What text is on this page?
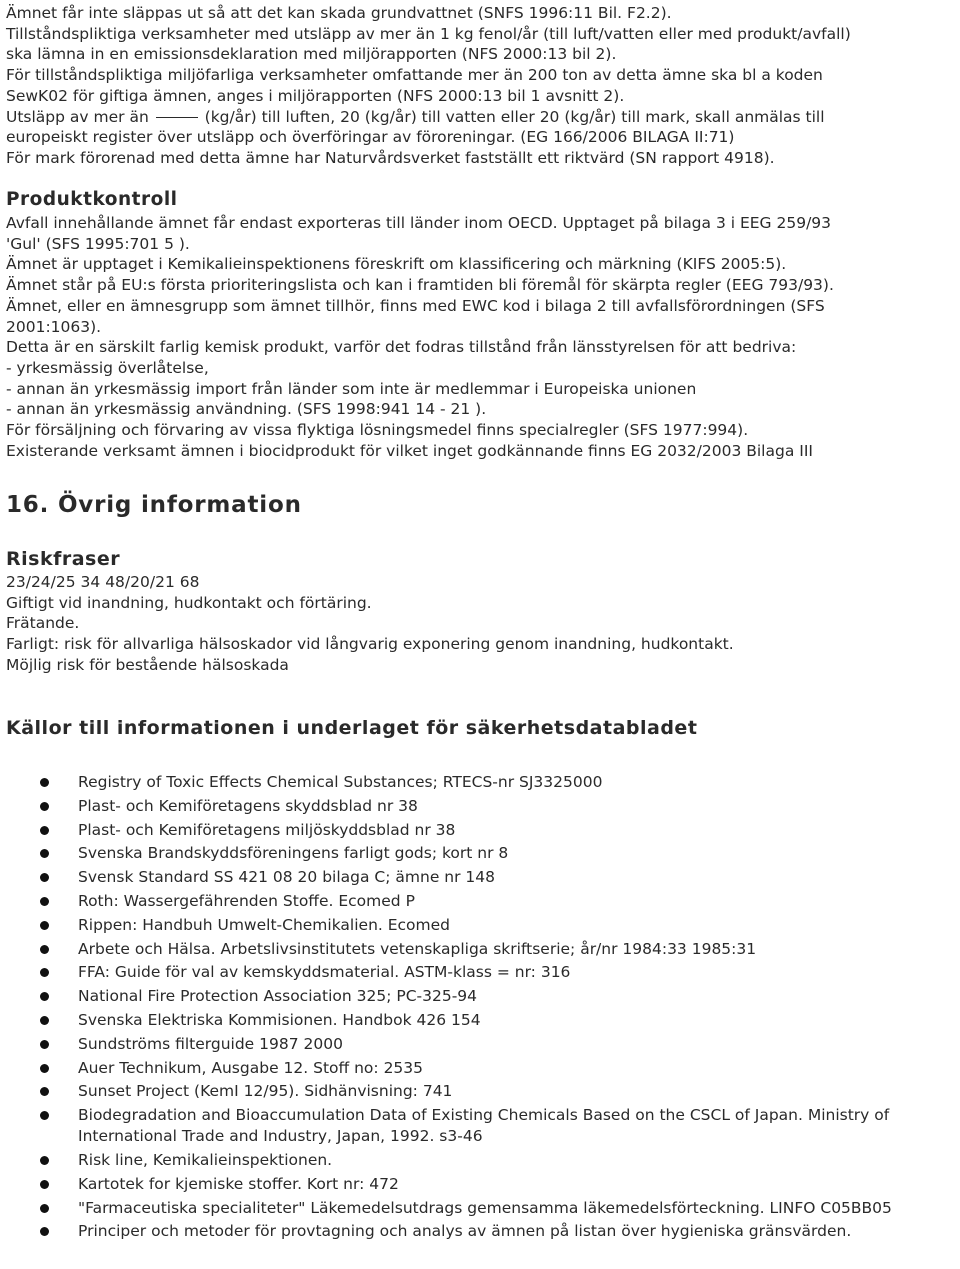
Ämnet får inte släppas ut så att det kan skada grundvattnet (SNFS 1996:11 Bil. F2.2).

Tillståndspliktiga verksamheter med utsläpp av mer än 1 kg fenol/år (till luft/vatten eller med produkt/avfall)

ska lämna in en emissionsdeklaration med miljörapporten (NFS 2000:13 bil 2).

För tillståndspliktiga miljöfarliga verksamheter omfattande mer än 200 ton av detta ämne ska bl a koden

SewK02 för giftiga ämnen, anges i miljörapporten (NFS 2000:13 bil 1 avsnitt 2).

Utsläpp av mer än	(kg/år) till luften, 20 (kg/år) till vatten eller 20 (kg/år) till mark, skall anmälas till

europeiskt register över utsläpp och överföringar av föroreningar. (EG 166/2006 BILAGA II:71)

För mark förorenad med detta ämne har Naturvårdsverket fastställt ett riktvärd (SN rapport 4918).

Produktkontroll

Avfall innehållande ämnet får endast exporteras till länder inom OECD. Upptaget på bilaga 3 i EEG 259/93

'Gul' (SFS 1995:701 5 ).

Ämnet är upptaget i Kemikalieinspektionens föreskrift om klassificering och märkning (KIFS 2005:5).

Ämnet står på EU:s första prioriteringslista och kan i framtiden bli föremål för skärpta regler (EEG 793/93).

Ämnet, eller en ämnesgrupp som ämnet tillhör, finns med EWC kod i bilaga 2 till avfallsförordningen (SFS

2001:1063).

Detta är en särskilt farlig kemisk produkt, varför det fodras tillstånd från länsstyrelsen för att bedriva:

- yrkesmässig överlåtelse,

- annan än yrkesmässig import från länder som inte är medlemmar i Europeiska unionen

- annan än yrkesmässig användning. (SFS 1998:941 14 - 21 ).

För försäljning och förvaring av vissa flyktiga lösningsmedel finns specialregler (SFS 1977:994).

Existerande verksamt ämnen i biocidprodukt för vilket inget godkännande finns EG 2032/2003 Bilaga III

16. Övrig information
Riskfraser

23/24/25 34 48/20/21 68

Giftigt vid inandning, hudkontakt och förtäring.

Frätande.

Farligt: risk för allvarliga hälsoskador vid långvarig exponering genom inandning, hudkontakt.

Möjlig risk för bestående hälsoskada

Källor till informationen i underlaget för säkerhetsdatabladet
Registry of Toxic Effects Chemical Substances; RTECS-nr SJ3325000
Plast- och Kemiföretagens skyddsblad nr 38
Plast- och Kemiföretagens miljöskyddsblad nr 38
Svenska Brandskyddsföreningens farligt gods; kort nr 8
Svensk Standard SS 421 08 20 bilaga C; ämne nr 148
Roth: Wassergefährenden Stoffe. Ecomed P
Rippen: Handbuh Umwelt-Chemikalien. Ecomed
Arbete och Hälsa. Arbetslivsinstitutets vetenskapliga skriftserie; år/nr 1984:33 1985:31
FFA: Guide för val av kemskyddsmaterial. ASTM-klass = nr: 316
National Fire Protection Association 325; PC-325-94
Svenska Elektriska Kommisionen. Handbok 426 154
Sundströms filterguide 1987 2000
Auer Technikum, Ausgabe 12. Stoff no: 2535
Sunset Project (KemI 12/95). Sidhänvisning: 741
Biodegradation and Bioaccumulation Data of Existing Chemicals Based on the CSCL of Japan. Ministry of International Trade and Industry, Japan, 1992. s3-46
Risk line, Kemikalieinspektionen.
Kartotek for kjemiske stoffer. Kort nr: 472
"Farmaceutiska specialiteter" Läkemedelsutdrags gemensamma läkemedelsförteckning. LINFO C05BB05
Principer och metoder för provtagning och analys av ämnen på listan över hygieniska gränsvärden.
